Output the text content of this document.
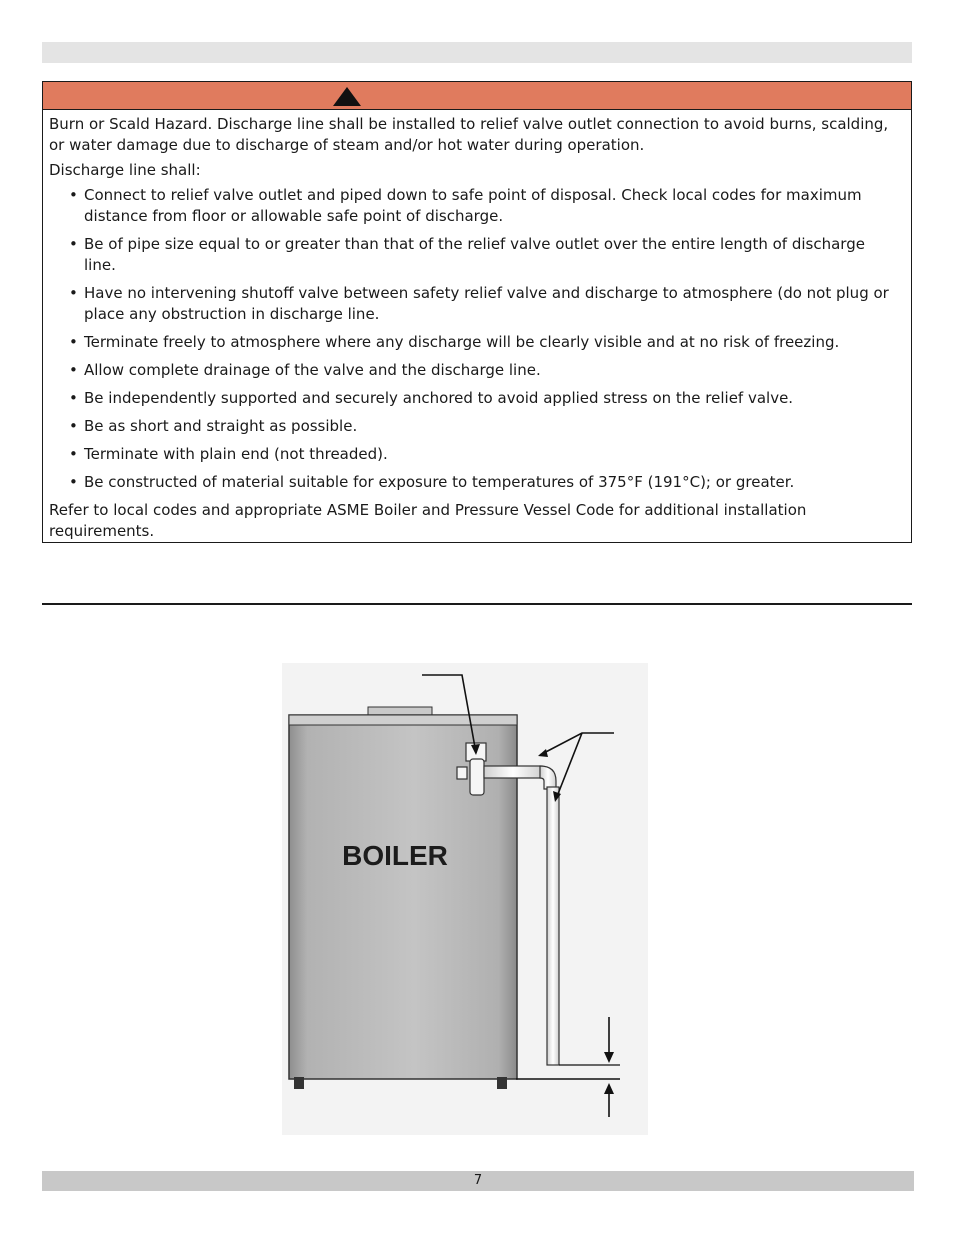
Burn or Scald Hazard. Discharge line shall be installed to relief valve outlet connection to avoid burns, scalding, or water damage due to discharge of steam and/or hot water during operation.

Discharge line shall:

• Connect to relief valve outlet and piped down to safe point of disposal. Check local codes for maximum distance from floor or allowable safe point of discharge.
• Be of pipe size equal to or greater than that of the relief valve outlet over the entire length of discharge line.
• Have no intervening shutoff valve between safety relief valve and discharge to atmosphere (do not plug or place any obstruction in discharge line.
• Terminate freely to atmosphere where any discharge will be clearly visible and at no risk of freezing.
• Allow complete drainage of the valve and the discharge line.
• Be independently supported and securely anchored to avoid applied stress on the relief valve.
• Be as short and straight as possible.
• Terminate with plain end (not threaded).
• Be constructed of material suitable for exposure to temperatures of 375°F (191°C); or greater.

Refer to local codes and appropriate ASME Boiler and Pressure Vessel Code for additional installation requirements.

BOILER
7
